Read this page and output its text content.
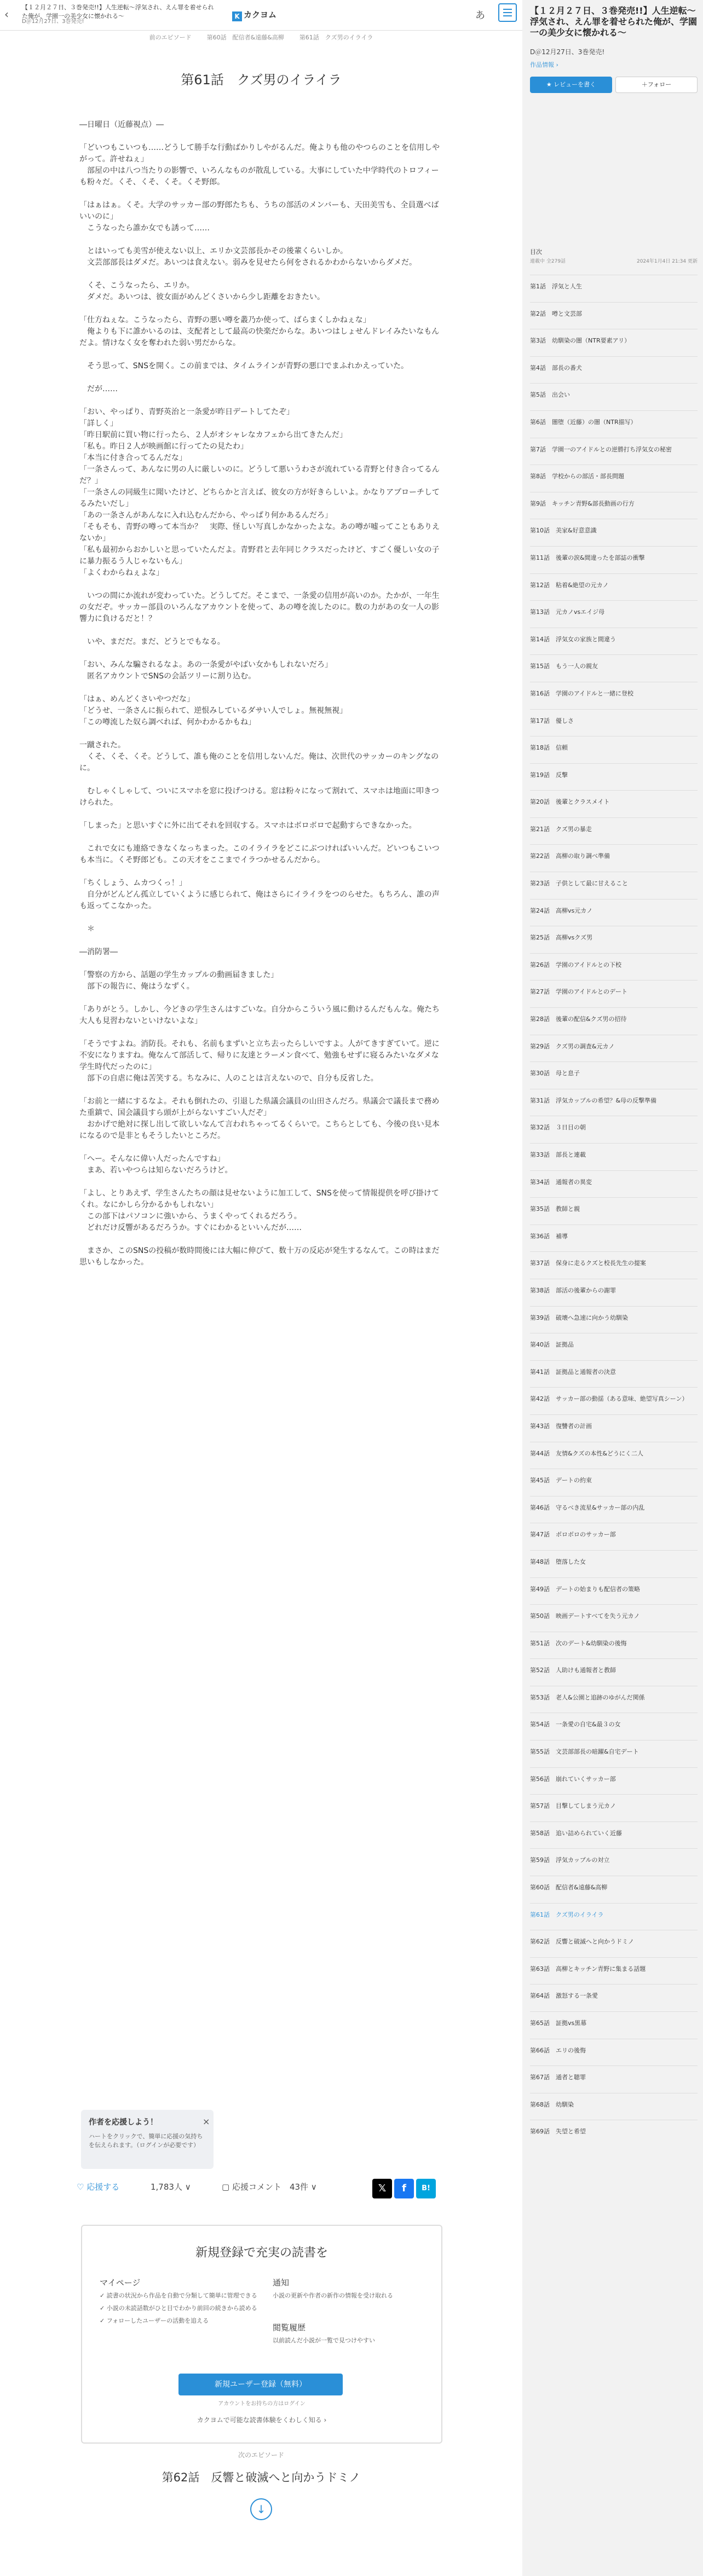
‹
【１２月２７日、３巻発売!!】人生逆転〜浮気され、えん罪を着せられた俺が、学園一の美少女に懐かれる〜
D＠12月27日、3巻発売!
K カクヨム	あ
前のエピソード	第60話　配信者&遠藤&高柳	第61話　クズ男のイライラ
第61話　クズ男のイライラ

―日曜日（近藤視点）―

「どいつもこいつも……どうして勝手な行動ばかりしやがるんだ。俺よりも他のやつらのことを信用しやがって。許せねぇ」
　部屋の中は八つ当たりの影響で、いろんなものが散乱している。大事にしていた中学時代のトロフィーも粉々だ。くそ、くそ、くそ。くそ野郎。

「はぁはぁ。くそ。大学のサッカー部の野郎たちも、うちの部活のメンバーも、天田美雪も、全員選べばいいのに」
　こうなったら誰か女でも誘って……

　とはいっても美雪が使えない以上、エリか文芸部長かその後輩くらいしか。
　文芸部部長はダメだ。あいつは食えない。弱みを見せたら何をされるかわからないからダメだ。

　くそ、こうなったら、エリか。
　ダメだ。あいつは、彼女面がめんどくさいから少し距離をおきたい。

「仕方ねぇな。こうなったら、青野の悪い噂を叢乃か使って、ばらまくしかねぇな」
　俺よりも下に誰かいるのは、支配者として最高の快楽だからな。あいつはしょせんドレイみたいなもんだよ。情けなく女を奪われた弱い男だからな。

　そう思って、SNSを開く。この前までは、タイムラインが青野の悪口でまふれかえっていた。

　だが……

「おい、やっぱり、青野英治と一条愛が昨日デートしてたぞ」
「詳しく」
「昨日駅前に買い物に行ったら、２人がオシャレなカフェから出てきたんだ」
「私も。昨日２人が映画館に行ってたの見たわ」
「本当に付き合ってるんだな」
「一条さんって、あんなに男の人に厳しいのに。どうして悪いうわさが流れている青野と付き合ってるんだ？」
「一条さんの同級生に聞いたけど、どちらかと言えば、彼女の方が好きらしいよ。かなりアプローチしてるみたいだし」
「あの一条さんがあんなに入れ込むんだから、やっぱり何かあるんだろ」
「そもそも、青野の噂って本当か？　実際、怪しい写真しかなかったよな。あの噂が嘘ってこともありえないか」
「私も最初からおかしいと思っていたんだよ。青野君と去年同じクラスだったけど、すごく優しい女の子に暴力振るう人じゃないもん」
「よくわからねぇよな」

　いつの間にか流れが変わっていた。どうしてだ。そこまで、一条愛の信用が高いのか。たかが、一年生の女だぞ。サッカー部員のいろんなアカウントを使って、あの噂を流したのに。数の力があの女一人の影響力に負けるだと！？

　いや、まだだ。まだ、どうとでもなる。

「おい、みんな騙されるなよ。あの一条愛がやばい女かもしれないだろ」
　匿名アカウントでSNSの会話ツリーに割り込む。

「はぁ、めんどくさいやつだな」
「どうせ、一条さんに振られて、逆恨みしているダサい人でしょ。無視無視」
「この噂流した奴ら調べれば、何かわかるかもね」

一蹴された。
　くそ、くそ、くそ。どうして、誰も俺のことを信用しないんだ。俺は、次世代のサッカーのキングなのに。

　むしゃくしゃして、ついにスマホを窓に投げつける。窓は粉々になって割れて、スマホは地面に叩きつけられた。

「しまった」と思いすぐに外に出てそれを回収する。スマホはボロボロで起動すらできなかった。

　これで女にも連絡できなくなっちまった。このイライラをどこにぶつければいいんだ。どいつもこいつも本当に。くそ野郎ども。この天才をここまでイラつかせるんだから。

「ちくしょう、ムカつくっ！」
　自分がどんどん孤立していくように感じられて、俺はさらにイライラをつのらせた。もちろん、誰の声も返ってこなかった。

　＊

―消防署―

「警察の方から、話題の学生カップルの動画届きました」
　部下の報告に、俺はうなずく。

「ありがとう。しかし、今どきの学生さんはすごいな。自分からこういう風に動けるんだもんな。俺たち大人も見習わないといけないよな」

「そうですよね。消防長。それも、名前もまずいと立ち去ったらしいですよ。人がてきすぎていて。逆に不安になりますね。俺なんて部活して、帰りに友達とラーメン食べて、勉強もせずに寝るみたいなダメな学生時代だったのに」
　部下の自虐に俺は苦笑する。ちなみに、人のことは言えないので、自分も反省した。

「お前と一緒にするなよ。それも倒れたの、引退した県議会議員の山田さんだろ。県議会で議長まで務めた重鎮で、国会議員すら頭が上がらないすごい人だぞ」
　おかげで絶対に探し出して欲しいなんて言われちゃってるくらいで。こちらとしても、今後の良い見本になるので是非ともそうしたいところだ。

「へー。そんなに偉い人だったんですね」
　まあ、若いやつらは知らないだろうけど。

「よし、とりあえず、学生さんたちの顔は見せないように加工して、SNSを使って情報提供を呼び掛けてくれ。なにかしら分かるかもしれない」
　この部下はパソコンに強いから、うまくやってくれるだろう。
　どれだけ反響があるだろうか。すぐにわかるといいんだが……

　まさか、このSNSの投稿が数時間後には大幅に伸びて、数十万の反応が発生するなんて。この時はまだ思いもしなかった。

作者を応援しよう！
ハートをクリックで、簡単に応援の気持ちを伝えられます。（ログインが必要です）
×
♡ 応援する	1,783人 ∨	▢ 応援コメント　43件 ∨	𝕏	f	B!
新規登録で充実の読書を
マイページ
✓ 読書の状況から作品を自動で分類して簡単に管理できる
✓ 小説の未読話数がひと目でわかり前回の続きから読める
✓ フォローしたユーザーの活動を追える
通知
小説の更新や作者の新作の情報を受け取れる
閲覧履歴
以前読んだ小説が一覧で見つけやすい
新規ユーザー登録（無料）
アカウントをお持ちの方はログイン
カクヨムで可能な読書体験をくわしく知る ›
次のエピソード
第62話　反響と破滅へと向かうドミノ
↓
【１２月２７日、３巻発売!!】人生逆転〜浮気され、えん罪を着せられた俺が、学園一の美少女に懐かれる〜
D＠12月27日、3巻発売!
作品情報 ›
★ レビューを書く	＋フォロー
目次
連載中 全279話	2024年1月4日 21:34 更新
第1話　浮気と人生
第2話　噂と文芸部
第3話　幼馴染の闇（NTR要素アリ）
第4話　部長の番犬
第5話　出会い
第6話　闇堕（近藤）の闇（NTR描写）
第7話　学園一のアイドルとの逆勝打ち浮気女の秘密
第8話　学校からの部活・部長問題
第9話　キッチン青野&部長動画の行方
第10話　美家&好意意識
第11話　後輩の涙&間違ったを部誌の衝撃
第12話　粘着&絶望の元カノ
第13話　元カノvsエイジ母
第14話　浮気女の家族と間違う
第15話　もう一人の親友
第16話　学園のアイドルと一緒に登校
第17話　優しさ
第18話　信頼
第19話　反撃
第20話　後輩とクラスメイト
第21話　クズ男の暴走
第22話　高柳の取り調べ準備
第23話　子供として最に甘えること
第24話　高柳vs元カノ
第25話　高柳vsクズ男
第26話　学園のアイドルとの下校
第27話　学園のアイドルとのデート
第28話　後輩の配信&クズ男の招待
第29話　クズ男の調査&元カノ
第30話　母と息子
第31話　浮気カップルの希望？&母の反撃準備
第32話　３日目の朝
第33話　部長と連載
第34話　通報者の異変
第35話　教師と親
第36話　補導
第37話　保身に走るクズと校長先生の提案
第38話　部活の後輩からの謝罪
第39話　破壊へ急速に向かう幼馴染
第40話　証拠品
第41話　証拠品と通報者の決意
第42話　サッカー部の動揺（ある意味、絶望写真シーン）
第43話　復讐者の計画
第44話　友情&クズの本性&どうにく二人
第45話　デートの約束
第46話　守るべき流星&サッカー部の内乱
第47話　ボロボロのサッカー部
第48話　堕落した女
第49話　デートの始まりも配信者の策略
第50話　映画デートすべてを失う元カノ
第51話　次のデート&幼馴染の後悔
第52話　人助けも通報者と教師
第53話　老人&公園と追跡のゆがんだ関係
第54話　一条愛の自宅&最３の女
第55話　文芸部部長の暗躍&自宅デート
第56話　崩れていくサッカー部
第57話　目撃してしまう元カノ
第58話　追い詰められていく近藤
第59話　浮気カップルの対立
第60話　配信者&遠藤&高柳
第61話　クズ男のイライラ
第62話　反響と破滅へと向かうドミノ
第63話　高柳とキッチン青野に集まる話題
第64話　激怒する一条愛
第65話　証拠vs黒幕
第66話　エリの後悔
第67話　通者と聴罪
第68話　幼馴染
第69話　失望と希望
